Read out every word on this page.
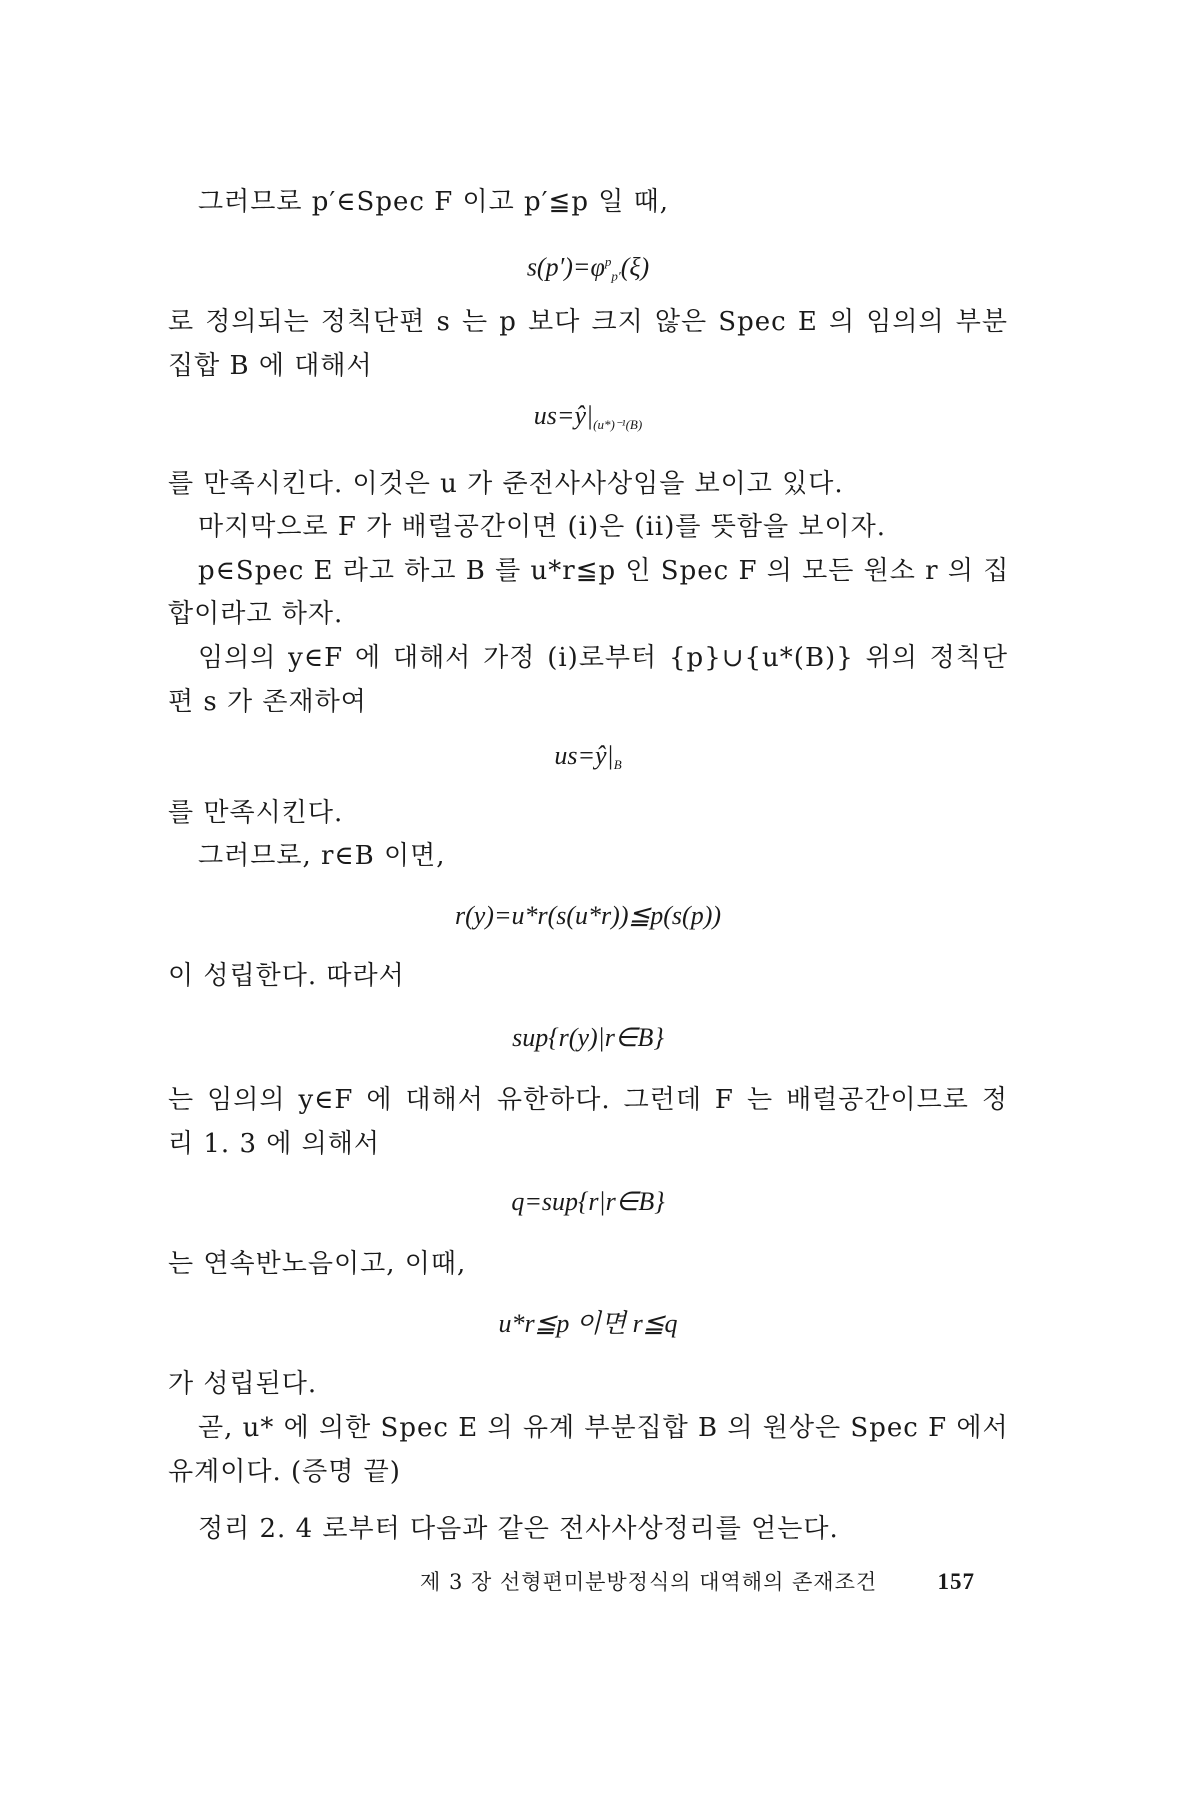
그러므로 p′∈Spec F 이고 p′≦p 일 때,
$s(p')=\varphi^p_{p'}(\xi)$
로 정의되는 정칙단편 s 는 p 보다 크지 않은 Spec E 의 임의의 부분
집합 B 에 대해서
$us=ŷ|_{(u*)^{-1}(B)}$
를 만족시킨다. 이것은 u 가 준전사사상임을 보이고 있다.
마지막으로 F 가 배럴공간이면 (i)은 (ii)를 뜻함을 보이자.
p∈Spec E 라고 하고 B 를 u*r≦p 인 Spec F 의 모든 원소 r 의 집
합이라고 하자.
임의의 y∈F 에 대해서 가정 (i)로부터 {p}∪{u*(B)} 위의 정칙단
편 s 가 존재하여
$us=ŷ|_B$
를 만족시킨다.
그러므로, r∈B 이면,
r(y)=u*r(s(u*r))≦p(s(p))
이 성립한다. 따라서
sup{r(y)|r∈B}
는 임의의 y∈F 에 대해서 유한하다. 그런데 F 는 배럴공간이므로 정
리 1. 3 에 의해서
q=sup{r|r∈B}
는 연속반노음이고, 이때,
u*r≦p 이면 r≦q
가 성립된다.
곧, u* 에 의한 Spec E 의 유계 부분집합 B 의 원상은 Spec F 에서
유계이다. (증명 끝)
정리 2. 4 로부터 다음과 같은 전사사상정리를 얻는다.
제 3 장 선형편미분방정식의 대역해의 존재조건	157
